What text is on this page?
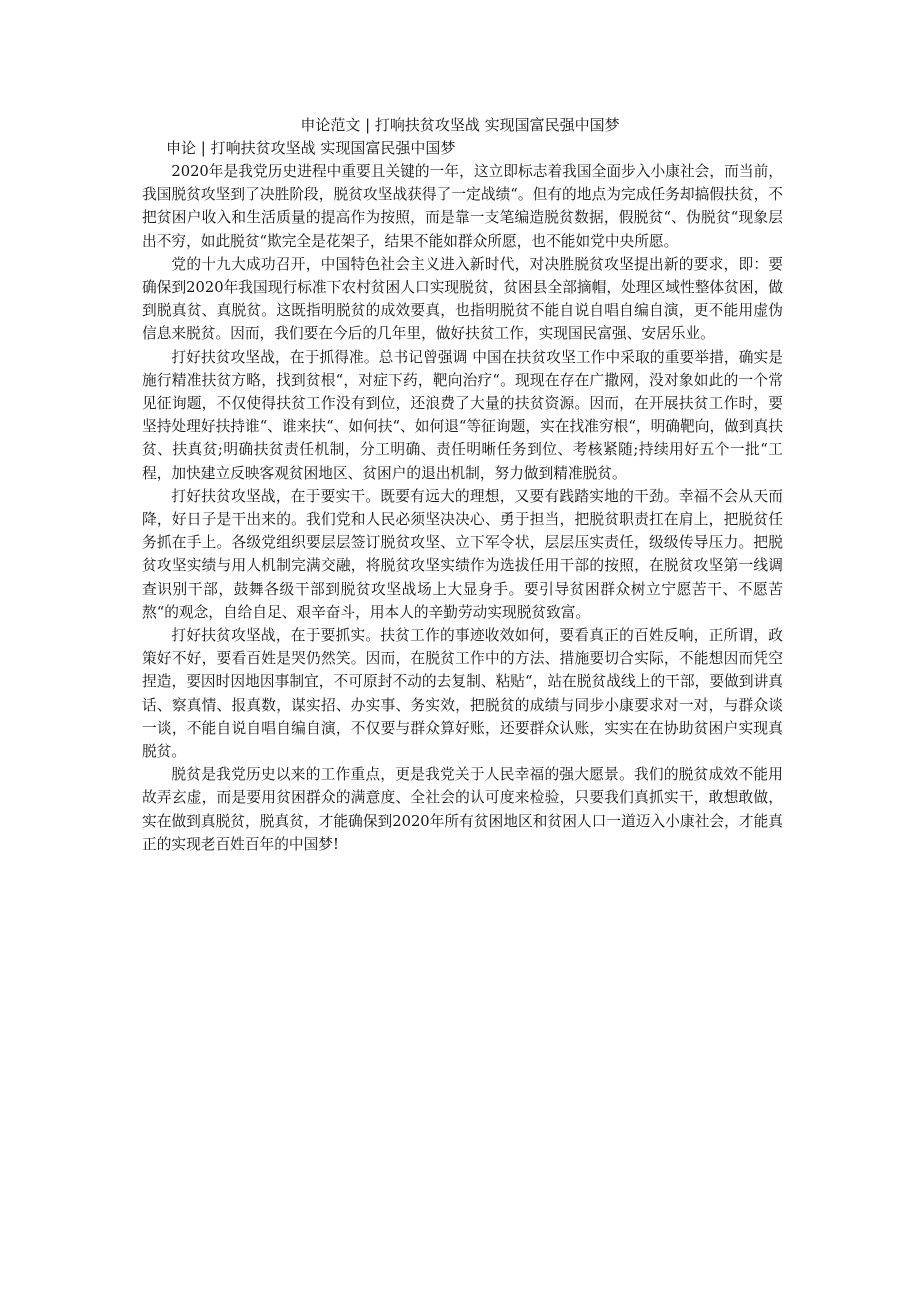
申论范文 | 打响扶贫攻坚战 实现国富民强中国梦

申论 | 打响扶贫攻坚战 实现国富民强中国梦

2020年是我党历史进程中重要且关键的一年，这立即标志着我国全面步入小康社会，而当前，我国脱贫攻坚到了决胜阶段，脱贫攻坚战获得了一定战绩“。但有的地点为完成任务却搞假扶贫，不把贫困户收入和生活质量的提高作为按照，而是靠一支笔编造脱贫数据，假脱贫“、伪脱贫“现象层出不穷，如此脱贫“欺完全是花架子，结果不能如群众所愿，也不能如党中央所愿。

党的十九大成功召开，中国特色社会主义进入新时代，对决胜脱贫攻坚提出新的要求，即：要确保到2020年我国现行标准下农村贫困人口实现脱贫，贫困县全部摘帽，处理区域性整体贫困，做到脱真贫、真脱贫。这既指明脱贫的成效要真，也指明脱贫不能自说自唱自编自演，更不能用虚伪信息来脱贫。因而，我们要在今后的几年里，做好扶贫工作，实现国民富强、安居乐业。

打好扶贫攻坚战，在于抓得准。总书记曾强调 中国在扶贫攻坚工作中采取的重要举措，确实是施行精准扶贫方略，找到贫根“，对症下药，靶向治疗“。现现在存在广撒网，没对象如此的一个常见征询题，不仅使得扶贫工作没有到位，还浪费了大量的扶贫资源。因而，在开展扶贫工作时，要坚持处理好扶持谁“、谁来扶“、如何扶“、如何退“等征询题，实在找准穷根“，明确靶向，做到真扶贫、扶真贫;明确扶贫责任机制，分工明确、责任明晰任务到位、考核紧随;持续用好五个一批“工程，加快建立反映客观贫困地区、贫困户的退出机制，努力做到精准脱贫。

打好扶贫攻坚战，在于要实干。既要有远大的理想，又要有践踏实地的干劲。幸福不会从天而降，好日子是干出来的。我们党和人民必须坚决决心、勇于担当，把脱贫职责扛在肩上，把脱贫任务抓在手上。各级党组织要层层签订脱贫攻坚、立下军令状，层层压实责任，级级传导压力。把脱贫攻坚实绩与用人机制完满交融，将脱贫攻坚实绩作为选拔任用干部的按照，在脱贫攻坚第一线调查识别干部，鼓舞各级干部到脱贫攻坚战场上大显身手。要引导贫困群众树立宁愿苦干、不愿苦熬“的观念，自给自足、艰辛奋斗，用本人的辛勤劳动实现脱贫致富。

打好扶贫攻坚战，在于要抓实。扶贫工作的事迹收效如何，要看真正的百姓反响，正所谓，政策好不好，要看百姓是哭仍然笑。因而，在脱贫工作中的方法、措施要切合实际，不能想因而凭空捏造，要因时因地因事制宜，不可原封不动的去复制、粘贴“，站在脱贫战线上的干部，要做到讲真话、察真情、报真数，谋实招、办实事、务实效，把脱贫的成绩与同步小康要求对一对，与群众谈一谈，不能自说自唱自编自演，不仅要与群众算好账，还要群众认账，实实在在协助贫困户实现真脱贫。

脱贫是我党历史以来的工作重点，更是我党关于人民幸福的强大愿景。我们的脱贫成效不能用故弄玄虚，而是要用贫困群众的满意度、全社会的认可度来检验，只要我们真抓实干，敢想敢做，实在做到真脱贫，脱真贫，才能确保到2020年所有贫困地区和贫困人口一道迈入小康社会，才能真正的实现老百姓百年的中国梦!
